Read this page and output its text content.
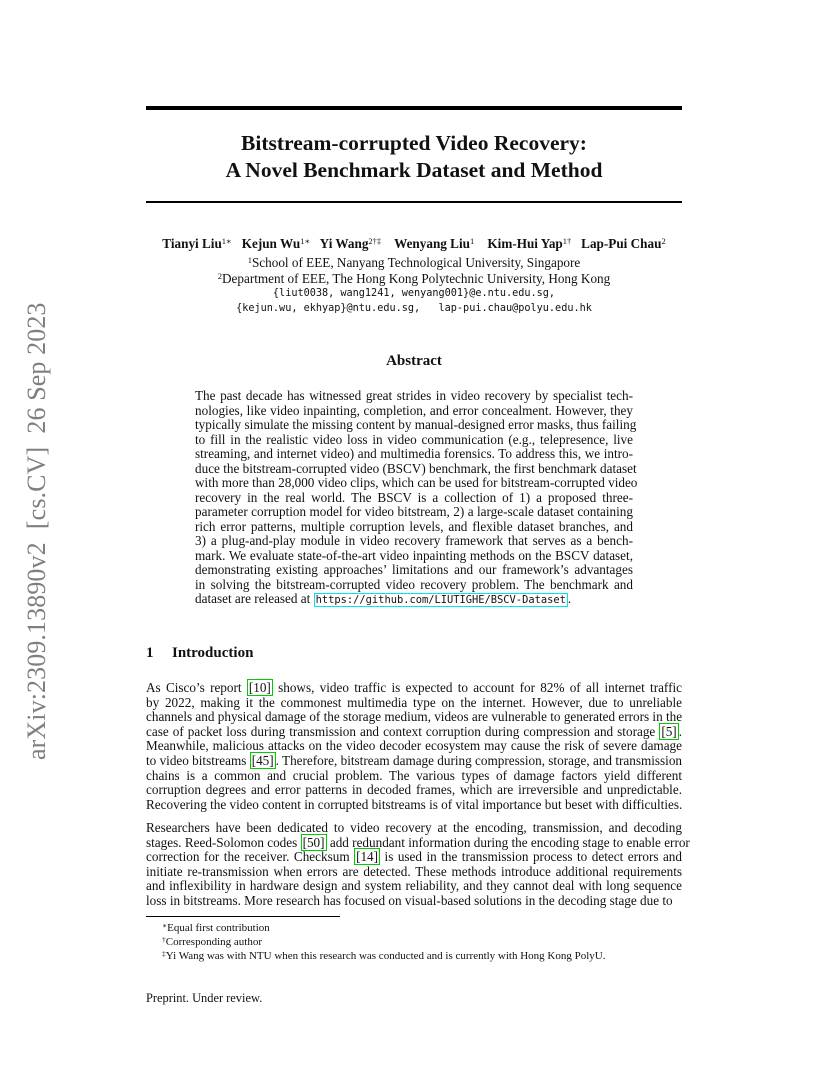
arXiv:2309.13890v2  [cs.CV]  26 Sep 2023
Bitstream-corrupted Video Recovery:
A Novel Benchmark Dataset and Method
Tianyi Liu$^{1∗}$ Kejun $Wu^{1∗}$ Yi Wang$^{2\dagger\ddagger}$ Wenyang Liu$^1$ Kim-Hui Yap$^{1\dagger}$ Lap-Pui Chau$^2$
$^1$School of EEE, Nanyang Technological University, Singapore
$^2$Department of EEE, The Hong Kong Polytechnic University, Hong Kong
{liut0038, wang1241, wenyang001}@e.ntu.edu.sg,
{kejun.wu, ekhyap}@ntu.edu.sg,   lap-pui.chau@polyu.edu.hk
Abstract
The past decade has witnessed great strides in video recovery by specialist tech-
nologies, like video inpainting, completion, and error concealment. However, they
typically simulate the missing content by manual-designed error masks, thus failing
to fill in the realistic video loss in video communication (e.g., telepresence, live
streaming, and internet video) and multimedia forensics. To address this, we intro-
duce the bitstream-corrupted video (BSCV) benchmark, the first benchmark dataset
with more than 28,000 video clips, which can be used for bitstream-corrupted video
recovery in the real world. The BSCV is a collection of 1) a proposed three-
parameter corruption model for video bitstream, 2) a large-scale dataset containing
rich error patterns, multiple corruption levels, and flexible dataset branches, and
3) a plug-and-play module in video recovery framework that serves as a bench-
mark. We evaluate state-of-the-art video inpainting methods on the BSCV dataset,
demonstrating existing approaches’ limitations and our framework’s advantages
in solving the bitstream-corrupted video recovery problem. The benchmark and
dataset are released at https://github.com/LIUTIGHE/BSCV-Dataset .
1 Introduction
As Cisco’s report [10] shows, video traffic is expected to account for 82% of all internet traffic
by 2022, making it the commonest multimedia type on the internet. However, due to unreliable
channels and physical damage of the storage medium, videos are vulnerable to generated errors in the
case of packet loss during transmission and context corruption during compression and storage [5] .
Meanwhile, malicious attacks on the video decoder ecosystem may cause the risk of severe damage
to video bitstreams [45] . Therefore, bitstream damage during compression, storage, and transmission
chains is a common and crucial problem. The various types of damage factors yield different
corruption degrees and error patterns in decoded frames, which are irreversible and unpredictable.
Recovering the video content in corrupted bitstreams is of vital importance but beset with difficulties.
Researchers have been dedicated to video recovery at the encoding, transmission, and decoding
stages. Reed-Solomon codes [50] add redundant information during the encoding stage to enable error
correction for the receiver. Checksum [14] is used in the transmission process to detect errors and
initiate re-transmission when errors are detected. These methods introduce additional requirements
and inflexibility in hardware design and system reliability, and they cannot deal with long sequence
loss in bitstreams. More research has focused on visual-based solutions in the decoding stage due to
∗Equal first contribution
†Corresponding author
‡Yi Wang was with NTU when this research was conducted and is currently with Hong Kong PolyU.
Preprint. Under review.
